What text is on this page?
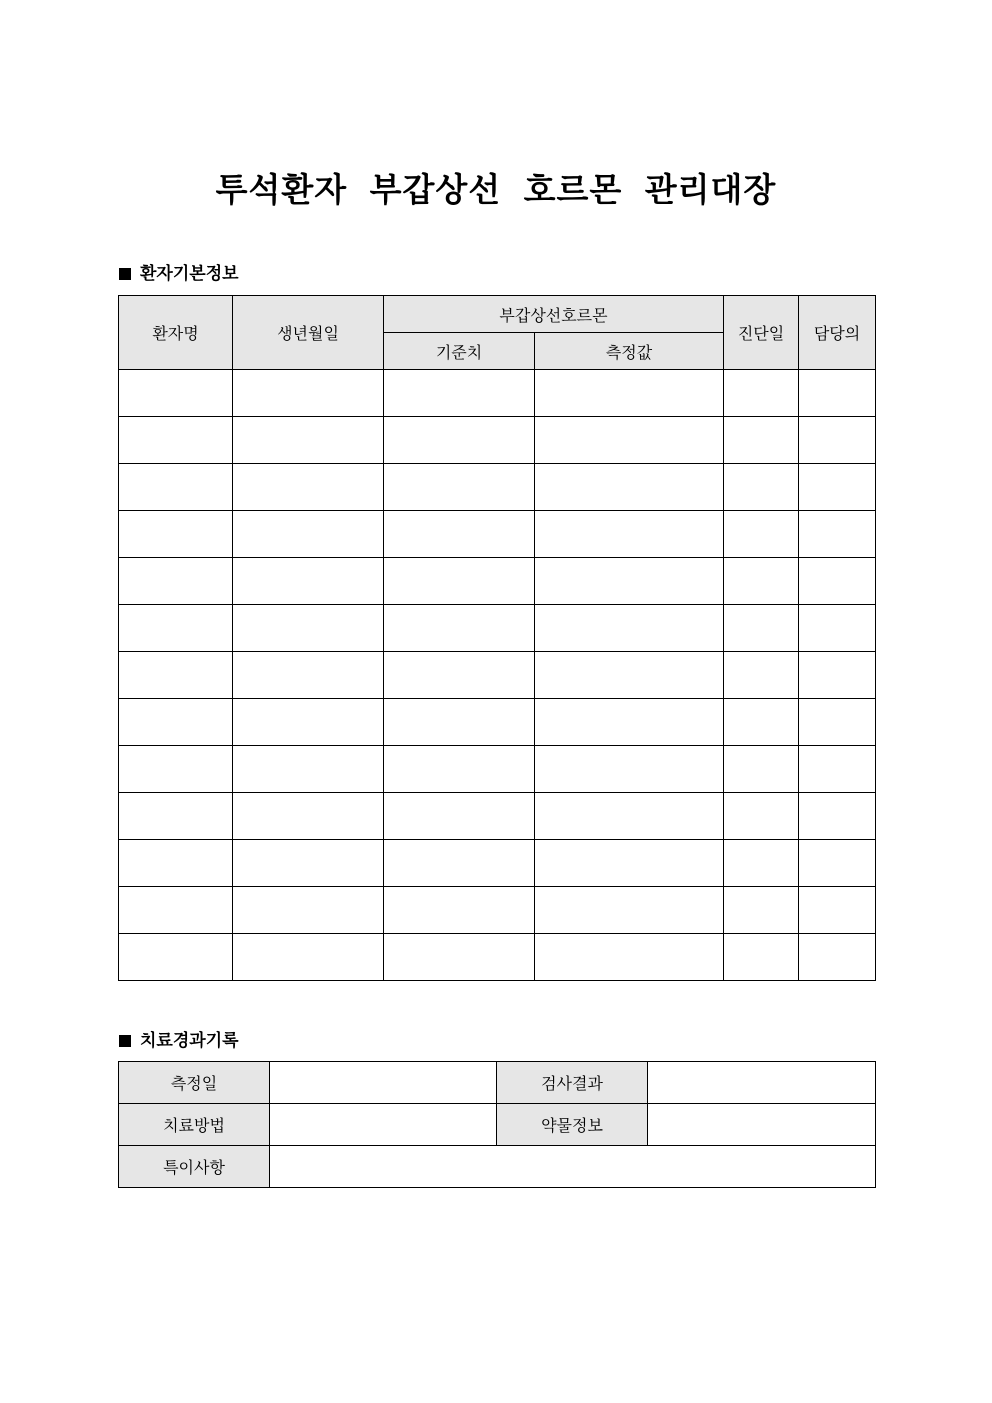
투석환자 부갑상선 호르몬 관리대장
환자기본정보
환자명	생년월일	부갑상선호르몬		진단일	담당의
		기준치	측정값		

치료경과기록
측정일		검사결과	
치료방법		약물정보	
특이사항			
